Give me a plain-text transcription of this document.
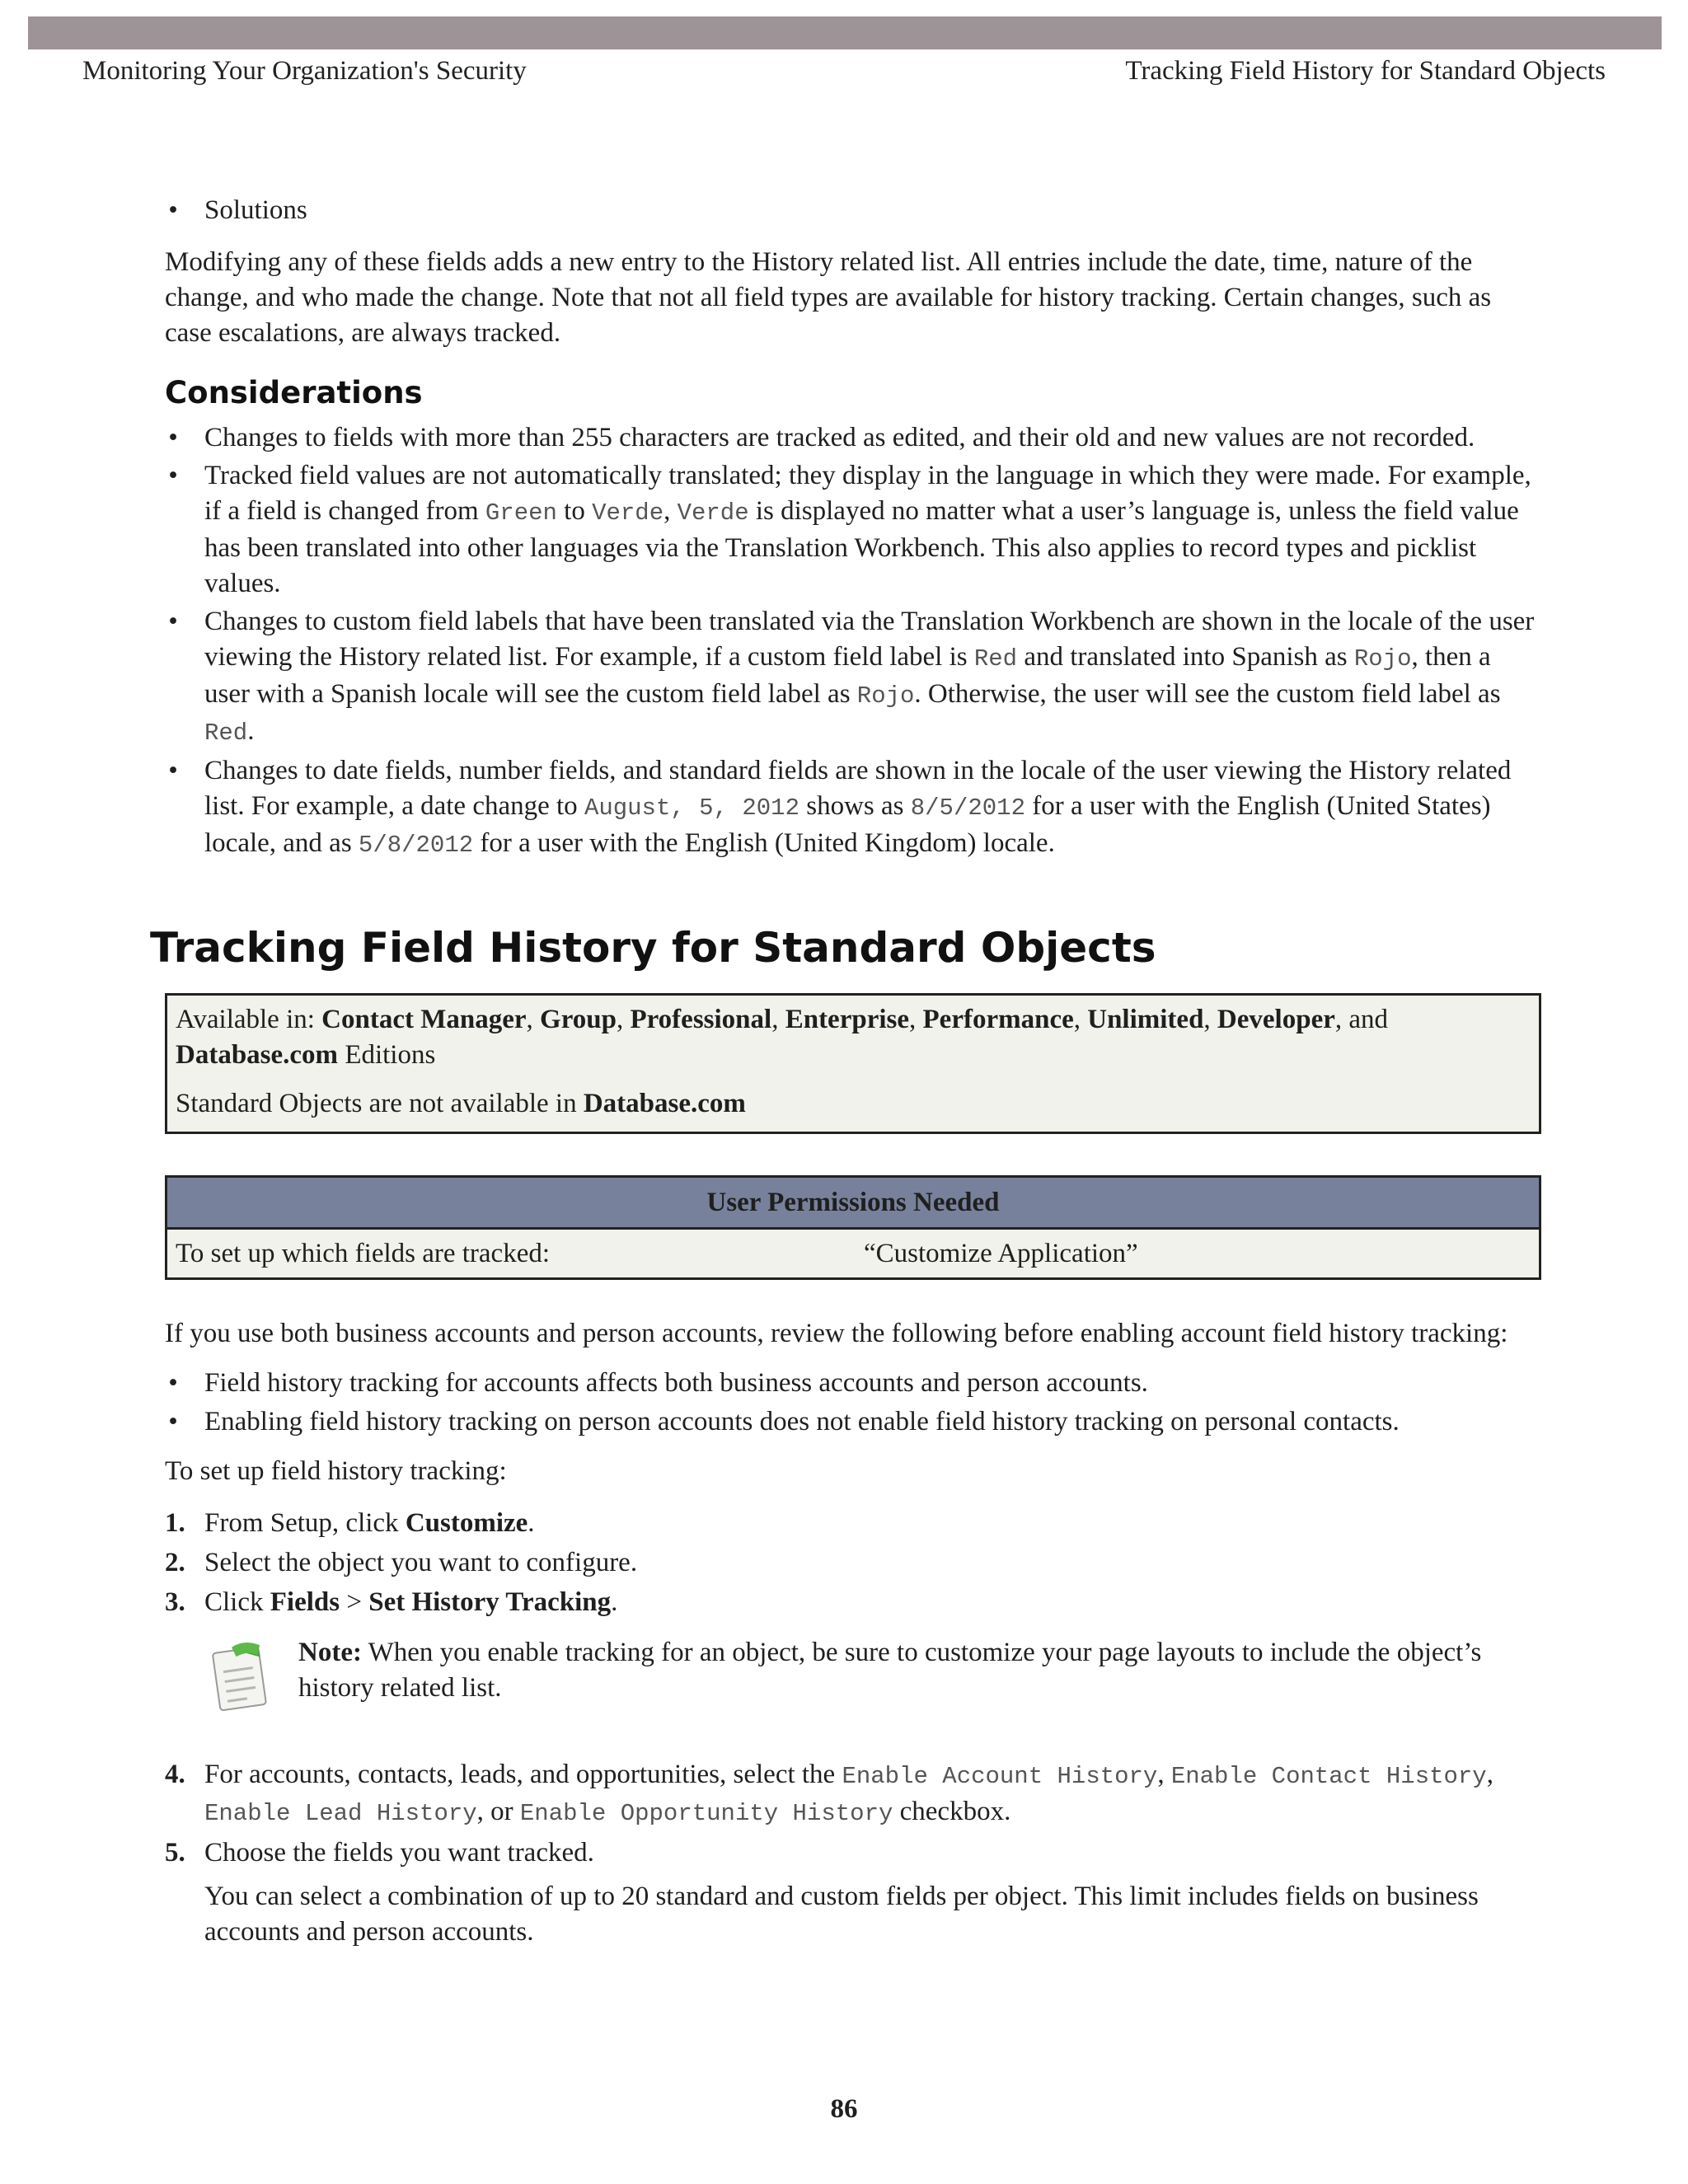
Monitoring Your Organization's Security	Tracking Field History for Standard Objects
• Solutions

Modifying any of these fields adds a new entry to the History related list. All entries include the date, time, nature of the change, and who made the change. Note that not all field types are available for history tracking. Certain changes, such as case escalations, are always tracked.

Considerations
• Changes to fields with more than 255 characters are tracked as edited, and their old and new values are not recorded.
• Tracked field values are not automatically translated; they display in the language in which they were made. For example, if a field is changed from Green to Verde, Verde is displayed no matter what a user’s language is, unless the field value has been translated into other languages via the Translation Workbench. This also applies to record types and picklist values.
• Changes to custom field labels that have been translated via the Translation Workbench are shown in the locale of the user viewing the History related list. For example, if a custom field label is Red and translated into Spanish as Rojo, then a user with a Spanish locale will see the custom field label as Rojo. Otherwise, the user will see the custom field label as Red.
• Changes to date fields, number fields, and standard fields are shown in the locale of the user viewing the History related list. For example, a date change to August, 5, 2012 shows as 8/5/2012 for a user with the English (United States) locale, and as 5/8/2012 for a user with the English (United Kingdom) locale.
Tracking Field History for Standard Objects
Available in: Contact Manager, Group, Professional, Enterprise, Performance, Unlimited, Developer, and Database.com Editions
Standard Objects are not available in Database.com
User Permissions Needed
To set up which fields are tracked:	“Customize Application”

If you use both business accounts and person accounts, review the following before enabling account field history tracking:

• Field history tracking for accounts affects both business accounts and person accounts.
• Enabling field history tracking on person accounts does not enable field history tracking on personal contacts.

To set up field history tracking:

1. From Setup, click Customize.
2. Select the object you want to configure.
3. Click Fields > Set History Tracking.
Note: When you enable tracking for an object, be sure to customize your page layouts to include the object’s history related list.
4. For accounts, contacts, leads, and opportunities, select the Enable Account History, Enable Contact History, Enable Lead History, or Enable Opportunity History checkbox.
5. Choose the fields you want tracked.

You can select a combination of up to 20 standard and custom fields per object. This limit includes fields on business accounts and person accounts.

86
